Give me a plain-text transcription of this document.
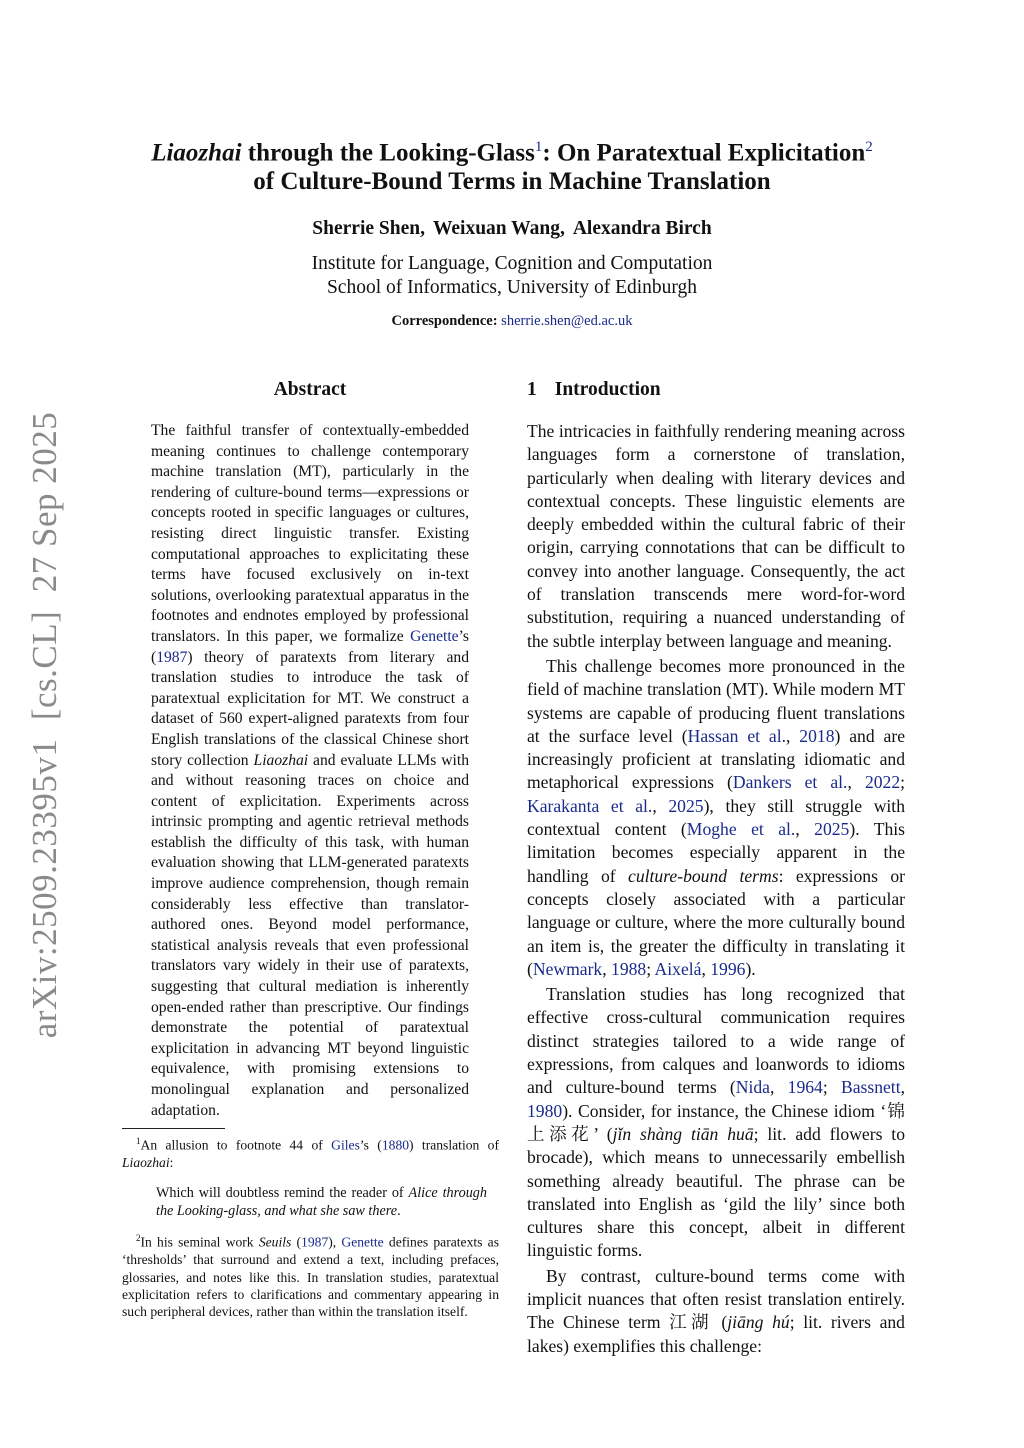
arXiv:2509.23395v1  [cs.CL]  27 Sep 2025
Liaozhai through the Looking-Glass$^1$: On Paratextual Explicitation$^2$
of Culture-Bound Terms in Machine Translation
Sherrie Shen, Weixuan Wang, Alexandra Birch
Institute for Language, Cognition and Computation
School of Informatics, University of Edinburgh
Correspondence: sherrie.shen@ed.ac.uk
Abstract
The faithful transfer of contextually-embedded meaning continues to challenge contemporary machine translation (MT), particularly in the rendering of culture-bound terms—expressions or concepts rooted in specific languages or cultures, resisting direct linguistic transfer. Existing computational approaches to explicitating these terms have focused exclusively on in-text solutions, overlooking paratextual apparatus in the footnotes and endnotes employed by professional translators. In this paper, we formalize Genette’s (1987) theory of paratexts from literary and translation studies to introduce the task of paratextual explicitation for MT. We construct a dataset of 560 expert-aligned paratexts from four English translations of the classical Chinese short story collection Liaozhai and evaluate LLMs with and without reasoning traces on choice and content of explicitation. Experiments across intrinsic prompting and agentic retrieval methods establish the difficulty of this task, with human evaluation showing that LLM-generated paratexts improve audience comprehension, though remain considerably less effective than translator-authored ones. Beyond model performance, statistical analysis reveals that even professional translators vary widely in their use of paratexts, suggesting that cultural mediation is inherently open-ended rather than prescriptive. Our findings demonstrate the potential of paratextual explicitation in advancing MT beyond linguistic equivalence, with promising extensions to monolingual explanation and personalized adaptation.

$^1$An allusion to footnote 44 of Giles’s (1880) translation of Liaozhai:

Which will doubtless remind the reader of Alice through the Looking-glass, and what she saw there.

$^2$In his seminal work Seuils (1987), Genette defines paratexts as ‘thresholds’ that surround and extend a text, including prefaces, glossaries, and notes like this. In translation studies, paratextual explicitation refers to clarifications and commentary appearing in such peripheral devices, rather than within the translation itself.

1 Introduction

The intricacies in faithfully rendering meaning across languages form a cornerstone of translation, particularly when dealing with literary devices and contextual concepts. These linguistic elements are deeply embedded within the cultural fabric of their origin, carrying connotations that can be difficult to convey into another language. Consequently, the act of translation transcends mere word-for-word substitution, requiring a nuanced understanding of the subtle interplay between language and meaning.

This challenge becomes more pronounced in the field of machine translation (MT). While modern MT systems are capable of producing fluent translations at the surface level (Hassan et al., 2018) and are increasingly proficient at translating idiomatic and metaphorical expressions (Dankers et al., 2022; Karakanta et al., 2025), they still struggle with contextual content (Moghe et al., 2025). This limitation becomes especially apparent in the handling of culture-bound terms: expressions or concepts closely associated with a particular language or culture, where the more culturally bound an item is, the greater the difficulty in translating it (Newmark, 1988; Aixelá, 1996).

Translation studies has long recognized that effective cross-cultural communication requires distinct strategies tailored to a wide range of expressions, from calques and loanwords to idioms and culture-bound terms (Nida, 1964; Bassnett, 1980). Consider, for instance, the Chinese idiom ‘锦上添花’ (jǐn shàng tiān huā; lit. add flowers to brocade), which means to unnecessarily embellish something already beautiful. The phrase can be translated into English as ‘gild the lily’ since both cultures share this concept, albeit in different linguistic forms.

By contrast, culture-bound terms come with implicit nuances that often resist translation entirely. The Chinese term 江湖 (jiāng hú; lit. rivers and lakes) exemplifies this challenge:
